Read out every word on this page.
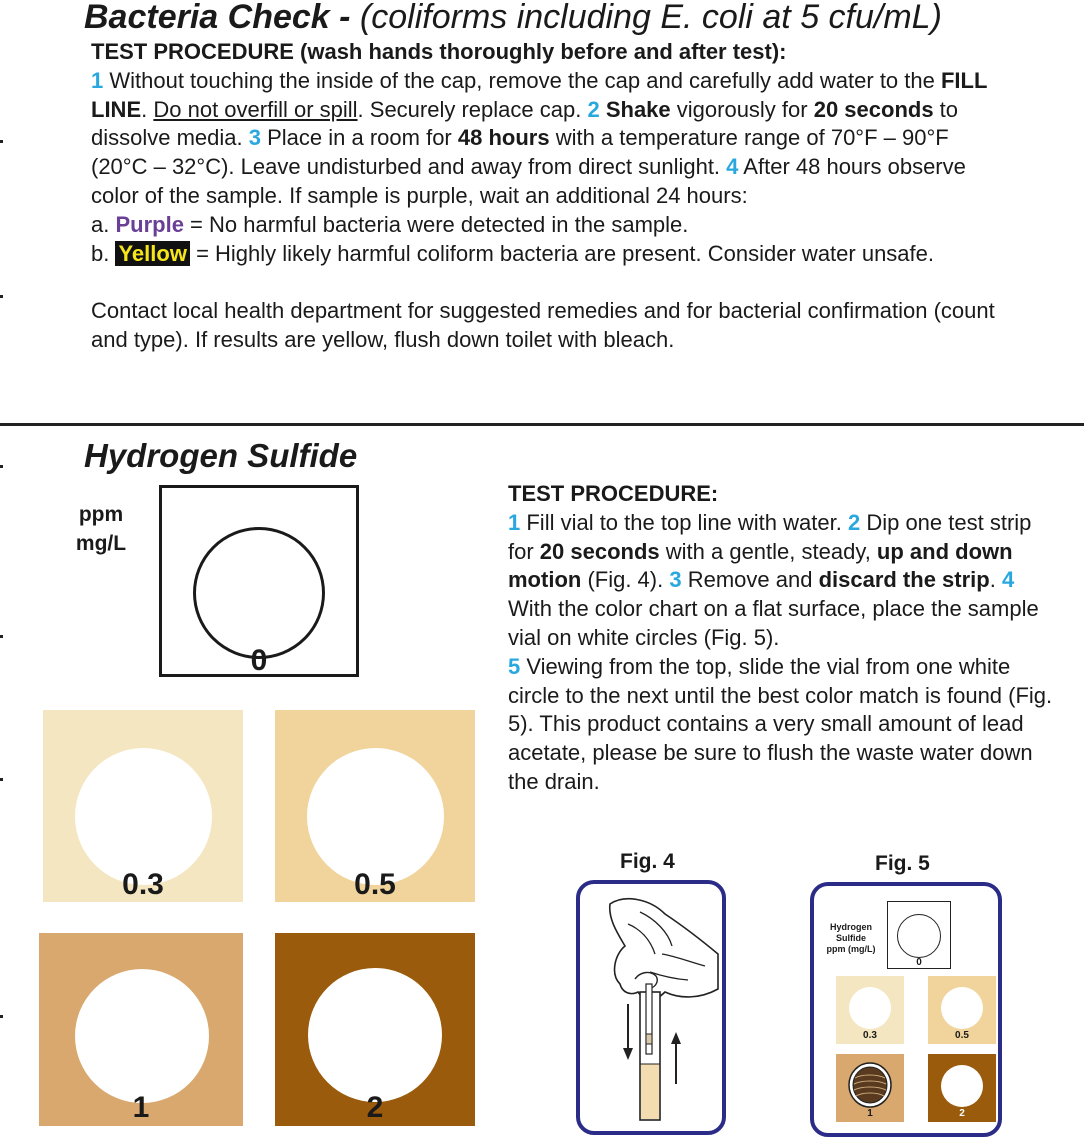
Bacteria Check - (coliforms including E. coli at 5 cfu/mL)
TEST PROCEDURE (wash hands thoroughly before and after test):
1 Without touching the inside of the cap, remove the cap and carefully add water to the FILL LINE. Do not overfill or spill. Securely replace cap. 2 Shake vigorously for 20 seconds to dissolve media. 3 Place in a room for 48 hours with a temperature range of 70°F – 90°F (20°C – 32°C). Leave undisturbed and away from direct sunlight. 4 After 48 hours observe color of the sample. If sample is purple, wait an additional 24 hours:
a. Purple = No harmful bacteria were detected in the sample.
b. Yellow = Highly likely harmful coliform bacteria are present. Consider water unsafe.
Contact local health department for suggested remedies and for bacterial confirmation (count and type). If results are yellow, flush down toilet with bleach.
Hydrogen Sulfide
ppm
mg/L
0
0.3	0.5
1	2
TEST PROCEDURE:
1 Fill vial to the top line with water. 2 Dip one test strip for 20 seconds with a gentle, steady, up and down motion (Fig. 4). 3 Remove and discard the strip. 4 With the color chart on a flat surface, place the sample vial on white circles (Fig. 5).
5 Viewing from the top, slide the vial from one white circle to the next until the best color match is found (Fig. 5). This product contains a very small amount of lead acetate, please be sure to flush the waste water down the drain.
Fig. 4	Fig. 5
Hydrogen
Sulfide
ppm (mg/L)
0
0.3	0.5
1	2
